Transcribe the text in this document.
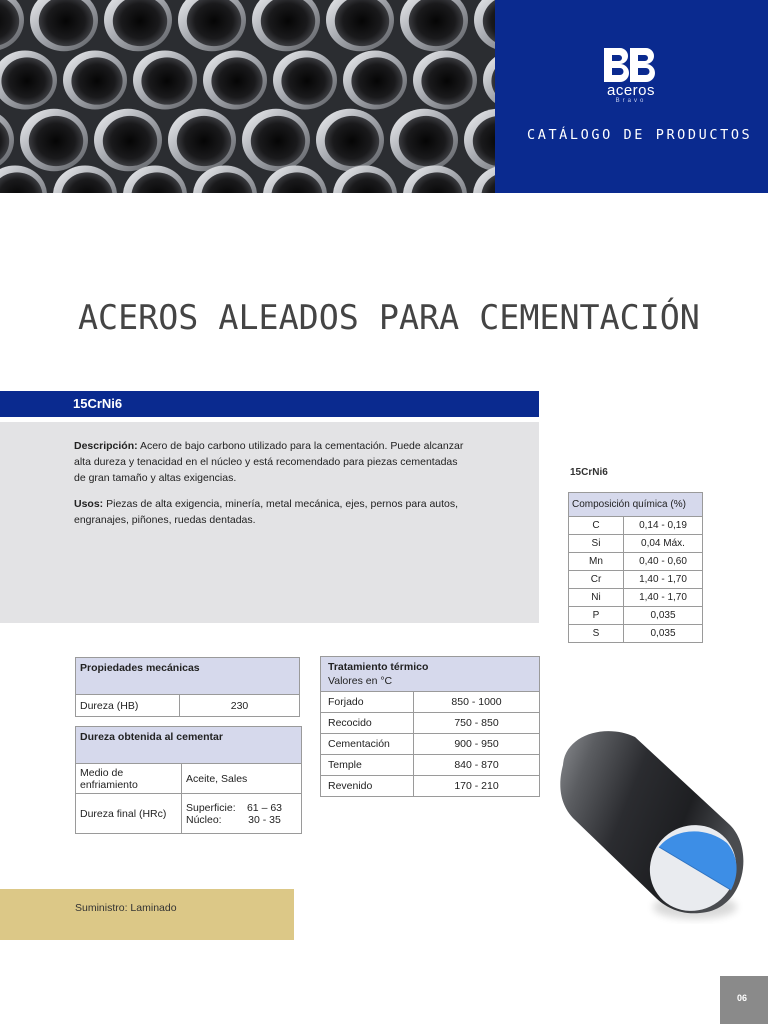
aceros
Bravo
CATÁLOGO DE PRODUCTOS
ACEROS ALEADOS PARA CEMENTACIÓN
15CrNi6

Descripción: Acero de bajo carbono utilizado para la cementación. Puede alcanzar alta dureza y tenacidad en el núcleo y está recomendado para piezas cementadas de gran tamaño y altas exigencias.

Usos: Piezas de alta exigencia, minería, metal mecánica, ejes, pernos para autos, engranajes, piñones, ruedas dentadas.

15CrNi6
Composición química (%)	
C	0,14 - 0,19
Si	0,04 Máx.
Mn	0,40 - 0,60
Cr	1,40 - 1,70
Ni	1,40 - 1,70
P	0,035
S	0,035
Propiedades mecánicas
Dureza (HB)	230
Dureza obtenida al cementar	
Medio de enfriamiento	Aceite, Sales
Dureza final (HRc)	Superficie: 61 – 63
Núcleo: 30 - 35
Tratamiento térmico
Valores en °C	
Forjado	850 - 1000
Recocido	750 - 850
Cementación	900 - 950
Temple	840 - 870
Revenido	170 - 210
Suministro: Laminado
06
